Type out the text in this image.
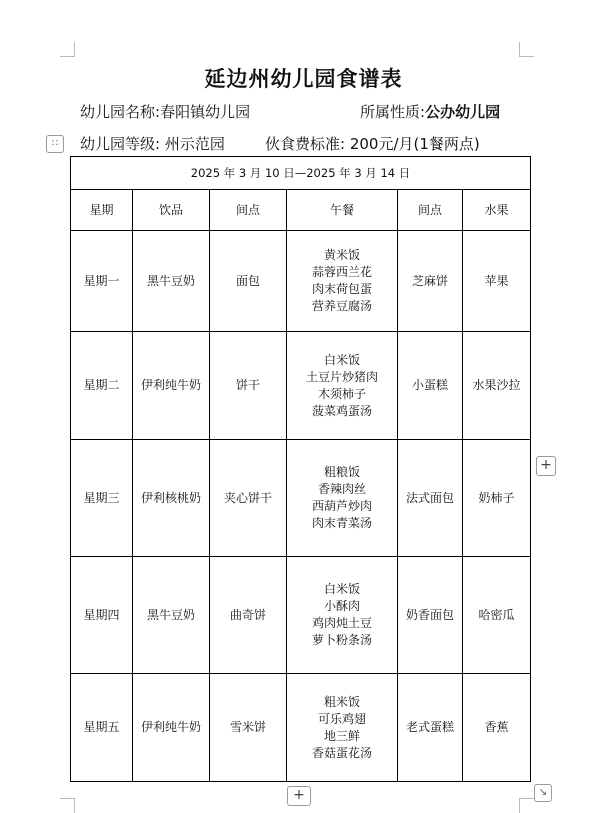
延边州幼儿园食谱表
幼儿园名称:春阳镇幼儿园	所属性质:公办幼儿园
幼儿园等级: 州示范园	伙食费标准: 200元/月(1餐两点)
∷
2025 年 3 月 10 日—2025 年 3 月 14 日					
星期	饮品	间点	午餐	间点	水果
星期一	黑牛豆奶	面包	黄米饭
蒜蓉西兰花
肉末荷包蛋
营养豆腐汤	芝麻饼	苹果
星期二	伊利纯牛奶	饼干	白米饭
土豆片炒猪肉
木须柿子
菠菜鸡蛋汤	小蛋糕	水果沙拉
星期三	伊利核桃奶	夹心饼干	粗粮饭
香辣肉丝
西葫芦炒肉
肉末青菜汤	法式面包	奶柿子
星期四	黑牛豆奶	曲奇饼	白米饭
小酥肉
鸡肉炖土豆
萝卜粉条汤	奶香面包	哈密瓜
星期五	伊利纯牛奶	雪米饼	粗米饭
可乐鸡翅
地三鲜
香菇蛋花汤	老式蛋糕	香蕉
+
+	↘
